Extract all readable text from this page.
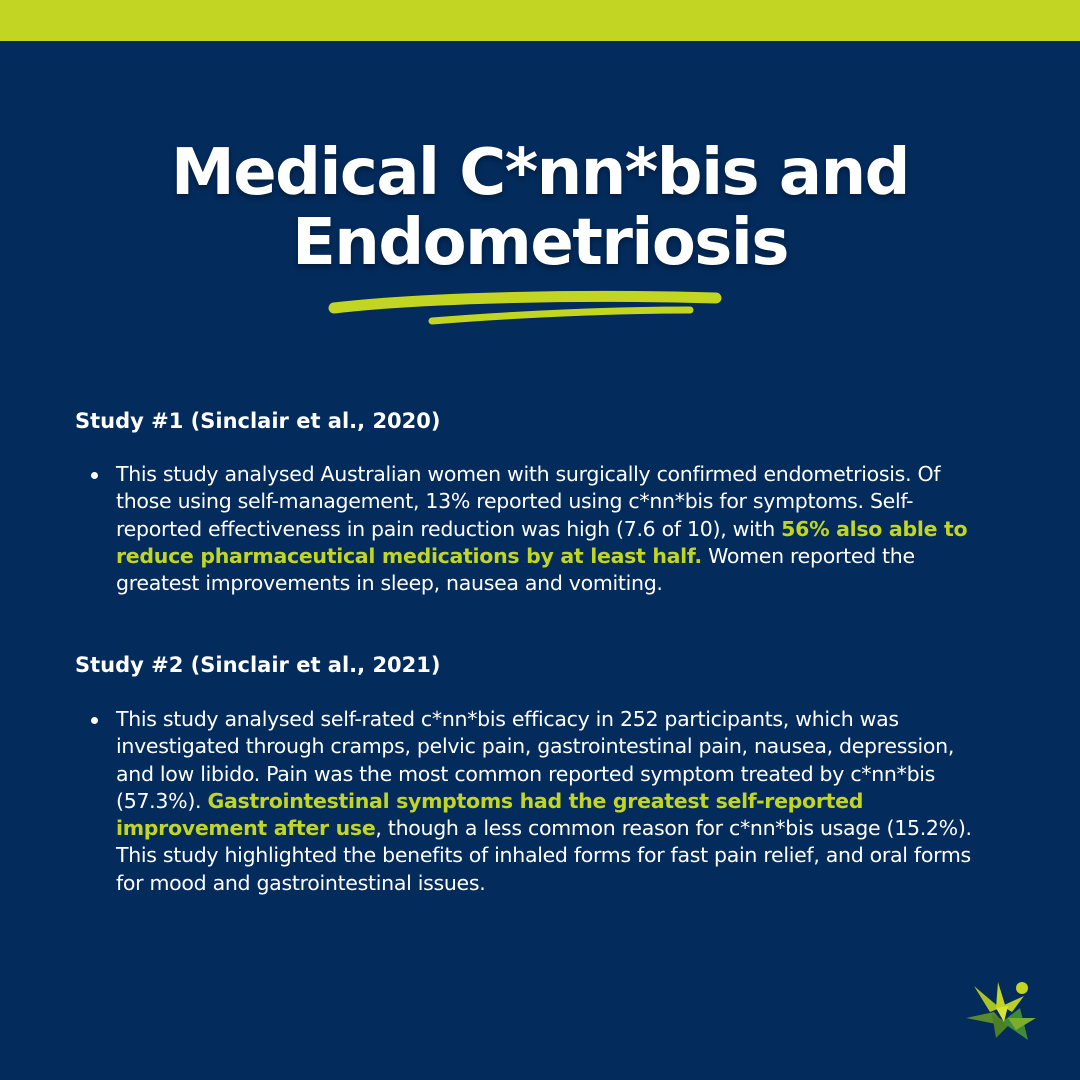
Medical C*nn*bis and
Endometriosis
Study #1 (Sinclair et al., 2020)

This study analysed Australian women with surgically confirmed endometriosis. Of those using self-management, 13% reported using c*nn*bis for symptoms. Self-reported effectiveness in pain reduction was high (7.6 of 10), with 56% also able to reduce pharmaceutical medications by at least half. Women reported the greatest improvements in sleep, nausea and vomiting.

Study #2 (Sinclair et al., 2021)

This study analysed self-rated c*nn*bis efficacy in 252 participants, which was investigated through cramps, pelvic pain, gastrointestinal pain, nausea, depression, and low libido. Pain was the most common reported symptom treated by c*nn*bis (57.3%). Gastrointestinal symptoms had the greatest self-reported improvement after use, though a less common reason for c*nn*bis usage (15.2%). This study highlighted the benefits of inhaled forms for fast pain relief, and oral forms for mood and gastrointestinal issues.
